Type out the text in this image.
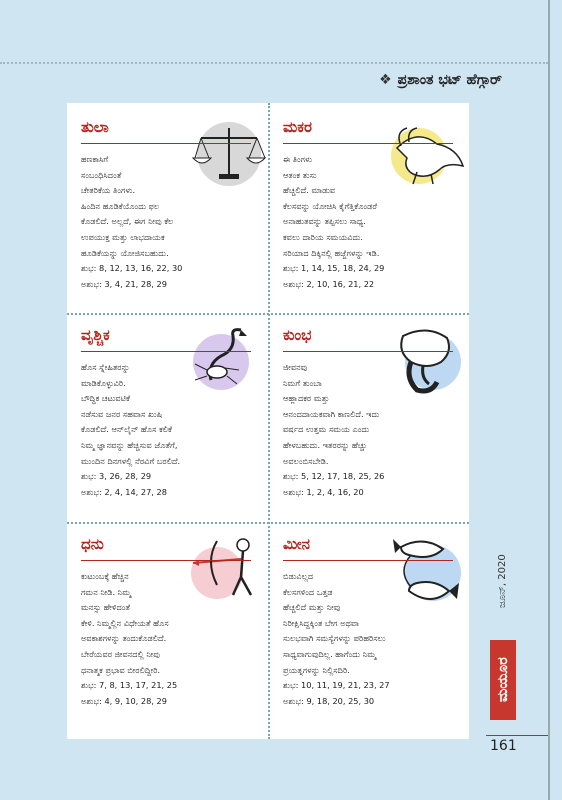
❖ ಪ್ರಶಾಂತ ಭಟ್ ಹೆಗ್ಗಾರ್
ತುಲಾ
ಹಣಕಾಸಿಗೆ
ಸಂಬಂಧಿಸಿದಂತೆ
ಚೇತರಿಕೆಯ ತಿಂಗಳು.
ಹಿಂದಿನ ಹೂಡಿಕೆಯೊಂದು ಫಲ
ಕೊಡಲಿದೆ. ಅಲ್ಲದೆ, ಈಗ ನೀವು ಕೆಲ
ಉಪಯುಕ್ತ ಮತ್ತು ಲಾಭದಾಯಕ
ಹೂಡಿಕೆಯನ್ನು ಯೋಜಿಸಬಹುದು.
ಶುಭ: 8, 12, 13, 16, 22, 30
ಅಶುಭ: 3, 4, 21, 28, 29
ಮಕರ
ಈ ತಿಂಗಳು
ಆತಂಕ ತುಸು
ಹೆಚ್ಚಲಿದೆ. ಮಾಡುವ
ಕೆಲಸವನ್ನು ಯೋಚಿಸಿ ಕೈಗೆತ್ತಿಕೊಂಡರೆ
ಅನಾಹುತವನ್ನು ತಪ್ಪಿಸಲು ಸಾಧ್ಯ.
ಕವಲು ದಾರಿಯ ಸಮಯವಿದು.
ಸರಿಯಾದ ದಿಕ್ಕಿನಲ್ಲಿ ಹಜ್ಜೆಗಳನ್ನು ಇಡಿ.
ಶುಭ: 1, 14, 15, 18, 24, 29
ಅಶುಭ: 2, 10, 16, 21, 22
ವೃಶ್ಚಿಕ
ಹೊಸ ಸ್ನೇಹಿತರನ್ನು
ಮಾಡಿಕೊಳ್ಳುವಿರಿ.
ಬೌದ್ಧಿಕ ಚಟುವಟಿಕೆ
ನಡೆಸುವ ಜನರ ಸಹವಾಸ ಖುಷಿ
ಕೊಡಲಿದೆ. ಆನ್‌ಲೈನ್ ಹೊಸ ಕಲಿಕೆ
ನಿಮ್ಮ ಜ್ಞಾನವನ್ನು ಹೆಚ್ಚಿಸುವ ಜೊತೆಗೆ,
ಮುಂದಿನ ದಿನಗಳಲ್ಲಿ ನೆರವಿಗೆ ಬರಲಿದೆ.
ಶುಭ: 3, 26, 28, 29
ಅಶುಭ: 2, 4, 14, 27, 28
ಕುಂಭ
ಜೀವನವು
ನಿಮಗೆ ತುಂಬಾ
ಆಹ್ಲಾದಕರ ಮತ್ತು
ಆನಂದದಾಯಕವಾಗಿ ಕಾಣಲಿದೆ. ಇದು
ವರ್ಷದ ಉತ್ತಮ ಸಮಯ ಎಂದು
ಹೇಳಬಹುದು. ಇತರರನ್ನು ಹೆಚ್ಚು
ಅವಲಂಬಿಸಬೇಡಿ.
ಶುಭ: 5, 12, 17, 18, 25, 26
ಅಶುಭ: 1, 2, 4, 16, 20
ಧನು
ಕುಟುಂಬಕ್ಕೆ ಹೆಚ್ಚಿನ
ಗಮನ ನೀಡಿ. ನಿಮ್ಮ
ಮನಸ್ಸು ಹೇಳಿದಂತೆ
ಕೇಳಿ. ನಿಮ್ಮಲ್ಲಿನ ವಿಧೇಯತೆ ಹೊಸ
ಅವಕಾಶಗಳನ್ನು ತಂದುಕೊಡಲಿದೆ.
ಬೇರೆಯವರ ಜೀವನದಲ್ಲಿ ನೀವು
ಧನಾತ್ಮಕ ಪ್ರಭಾವ ಬೀರಲಿದ್ದೀರಿ.
ಶುಭ: 7, 8, 13, 17, 21, 25
ಅಶುಭ: 4, 9, 10, 28, 29
ಮೀನ
ಬಿಡುವಿಲ್ಲದ
ಕೆಲಸಗಳಿಂದ ಒತ್ತಡ
ಹೆಚ್ಚಲಿದೆ ಮತ್ತು ನೀವು
ನಿರೀಕ್ಷಿಸಿದ್ದಕ್ಕಿಂತ ಬೇಗ ಅಥವಾ
ಸುಲಭವಾಗಿ ಸಮಸ್ಯೆಗಳನ್ನು ಪರಿಹರಿಸಲು
ಸಾಧ್ಯವಾಗುವುದಿಲ್ಲ. ಹಾಗೆಂದು ನಿಮ್ಮ
ಪ್ರಯತ್ನಗಳನ್ನು ನಿಲ್ಲಿಸದಿರಿ.
ಶುಭ: 10, 11, 19, 21, 23, 27
ಅಶುಭ: 9, 18, 20, 25, 30
ಜೂನ್, 2020
ಮಯೂರ
161
